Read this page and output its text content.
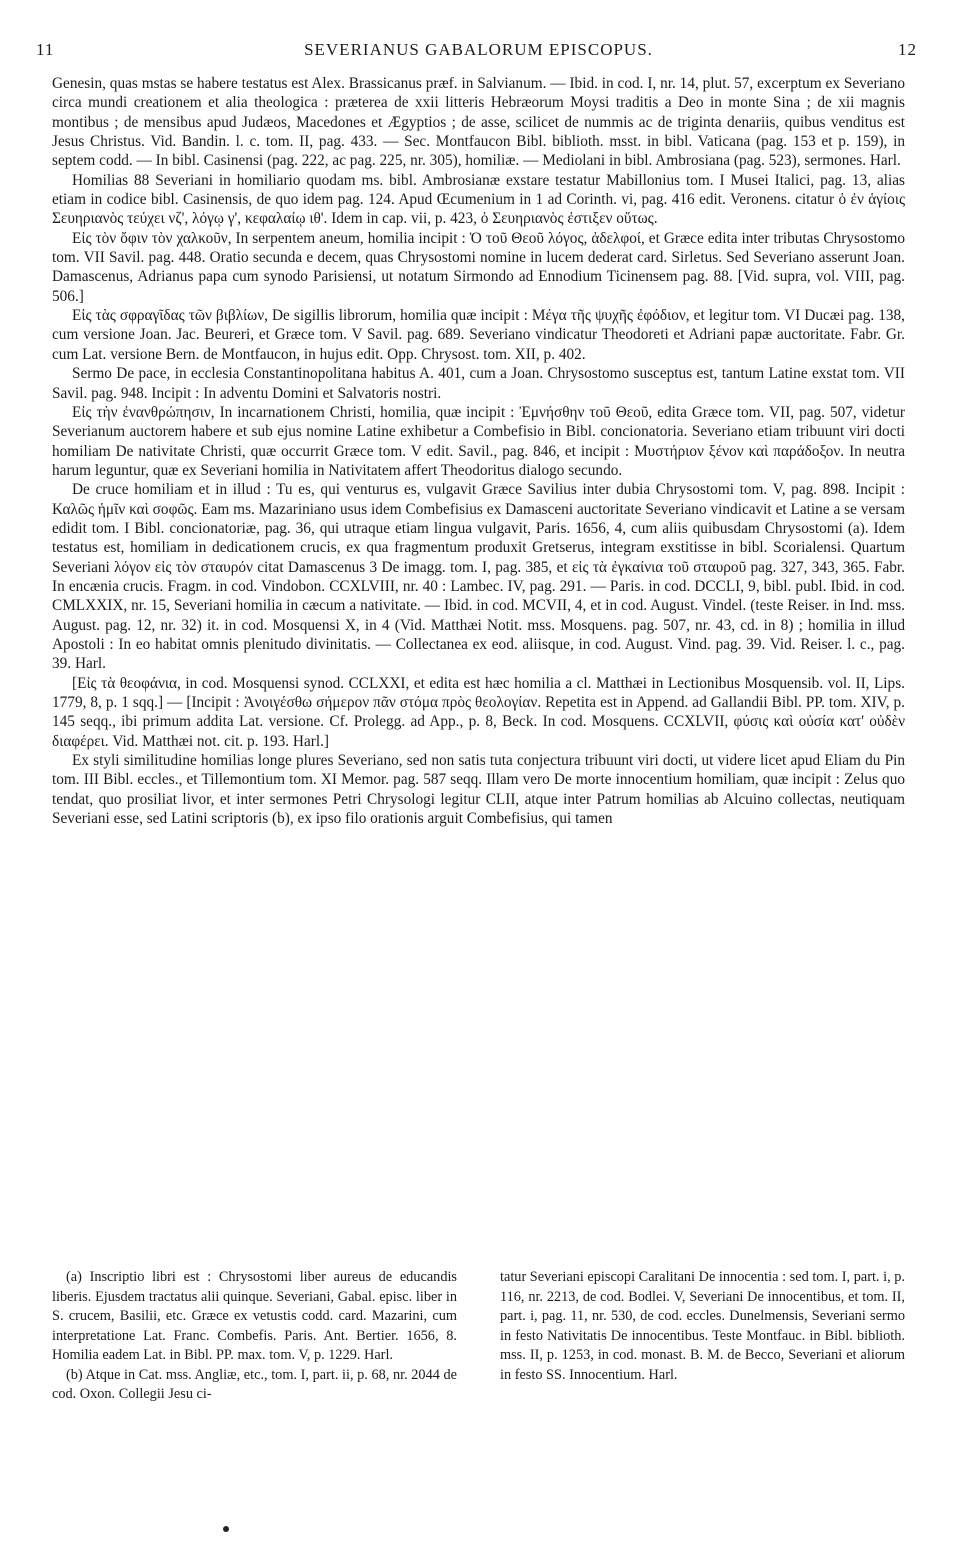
11	SEVERIANUS GABALORUM EPISCOPUS.	12

Genesin, quas mstas se habere testatus est Alex. Brassicanus præf. in Salvianum. — Ibid. in cod. I, nr. 14, plut. 57, excerptum ex Severiano circa mundi creationem et alia theologica : præterea de xxii litteris Hebræorum Moysi traditis a Deo in monte Sina ; de xii magnis montibus ; de mensibus apud Judæos, Macedones et Ægyptios ; de asse, scilicet de nummis ac de triginta denariis, quibus venditus est Jesus Christus. Vid. Bandin. l. c. tom. II, pag. 433. — Sec. Montfaucon Bibl. biblioth. msst. in bibl. Vaticana (pag. 153 et p. 159), in septem codd. — In bibl. Casinensi (pag. 222, ac pag. 225, nr. 305), homiliæ. — Mediolani in bibl. Ambrosiana (pag. 523), sermones. Harl.

Homilias 88 Severiani in homiliario quodam ms. bibl. Ambrosianæ exstare testatur Mabillonius tom. I Musei Italici, pag. 13, alias etiam in codice bibl. Casinensis, de quo idem pag. 124. Apud Œcumenium in 1 ad Corinth. vi, pag. 416 edit. Veronens. citatur ὁ ἐν ἁγίοις Σευηριανὸς τεύχει νζ', λόγῳ γ', κεφαλαίῳ ιθ'. Idem in cap. vii, p. 423, ὁ Σευηριανὸς ἐστιξεν οὕτως.

Εἰς τὸν ὄφιν τὸν χαλκοῦν, In serpentem aneum, homilia incipit : Ὁ τοῦ Θεοῦ λόγος, ἀδελφοί, et Græce edita inter tributas Chrysostomo tom. VII Savil. pag. 448. Oratio secunda e decem, quas Chrysostomi nomine in lucem dederat card. Sirletus. Sed Severiano asserunt Joan. Damascenus, Adrianus papa cum synodo Parisiensi, ut notatum Sirmondo ad Ennodium Ticinensem pag. 88. [Vid. supra, vol. VIII, pag. 506.]

Εἰς τὰς σφραγῖδας τῶν βιβλίων, De sigillis librorum, homilia quæ incipit : Μέγα τῆς ψυχῆς ἐφόδιον, et legitur tom. VI Ducæi pag. 138, cum versione Joan. Jac. Beureri, et Græce tom. V Savil. pag. 689. Severiano vindicatur Theodoreti et Adriani papæ auctoritate. Fabr. Gr. cum Lat. versione Bern. de Montfaucon, in hujus edit. Opp. Chrysost. tom. XII, p. 402.

Sermo De pace, in ecclesia Constantinopolitana habitus A. 401, cum a Joan. Chrysostomo susceptus est, tantum Latine exstat tom. VII Savil. pag. 948. Incipit : In adventu Domini et Salvatoris nostri.

Εἰς τὴν ἐνανθρώπησιν, In incarnationem Christi, homilia, quæ incipit : Ἐμνήσθην τοῦ Θεοῦ, edita Græce tom. VII, pag. 507, videtur Severianum auctorem habere et sub ejus nomine Latine exhibetur a Combefisio in Bibl. concionatoria. Severiano etiam tribuunt viri docti homiliam De nativitate Christi, quæ occurrit Græce tom. V edit. Savil., pag. 846, et incipit : Μυστήριον ξένον καὶ παράδοξον. In neutra harum leguntur, quæ ex Severiani homilia in Nativitatem affert Theodoritus dialogo secundo.

De cruce homiliam et in illud : Tu es, qui venturus es, vulgavit Græce Savilius inter dubia Chrysostomi tom. V, pag. 898. Incipit : Καλῶς ἡμῖν καὶ σοφῶς. Eam ms. Mazariniano usus idem Combefisius ex Damasceni auctoritate Severiano vindicavit et Latine a se versam edidit tom. I Bibl. concionatoriæ, pag. 36, qui utraque etiam lingua vulgavit, Paris. 1656, 4, cum aliis quibusdam Chrysostomi (a). Idem testatus est, homiliam in dedicationem crucis, ex qua fragmentum produxit Gretserus, integram exstitisse in bibl. Scorialensi. Quartum Severiani λόγον εἰς τὸν σταυρόν citat Damascenus 3 De imagg. tom. I, pag. 385, et εἰς τὰ ἐγκαίνια τοῦ σταυροῦ pag. 327, 343, 365. Fabr. In encænia crucis. Fragm. in cod. Vindobon. CCXLVIII, nr. 40 : Lambec. IV, pag. 291. — Paris. in cod. DCCLI, 9, bibl. publ. Ibid. in cod. CMLXXIX, nr. 15, Severiani homilia in cæcum a nativitate. — Ibid. in cod. MCVII, 4, et in cod. August. Vindel. (teste Reiser. in Ind. mss. August. pag. 12, nr. 32) it. in cod. Mosquensi X, in 4 (Vid. Matthæi Notit. mss. Mosquens. pag. 507, nr. 43, cd. in 8) ; homilia in illud Apostoli : In eo habitat omnis plenitudo divinitatis. — Collectanea ex eod. aliisque, in cod. August. Vind. pag. 39. Vid. Reiser. l. c., pag. 39. Harl.

[Εἰς τὰ θεοφάνια, in cod. Mosquensi synod. CCLXXI, et edita est hæc homilia a cl. Matthæi in Lectionibus Mosquensib. vol. II, Lips. 1779, 8, p. 1 sqq.] — [Incipit : Ἀνοιγέσθω σήμερον πᾶν στόμα πρὸς θεολογίαν. Repetita est in Append. ad Gallandii Bibl. PP. tom. XIV, p. 145 seqq., ibi primum addita Lat. versione. Cf. Prolegg. ad App., p. 8, Beck. In cod. Mosquens. CCXLVII, φύσις καὶ οὐσία κατ' οὐδὲν διαφέρει. Vid. Matthæi not. cit. p. 193. Harl.]

Ex styli similitudine homilias longe plures Severiano, sed non satis tuta conjectura tribuunt viri docti, ut videre licet apud Eliam du Pin tom. III Bibl. eccles., et Tillemontium tom. XI Memor. pag. 587 seqq. Illam vero De morte innocentium homiliam, quæ incipit : Zelus quo tendat, quo prosiliat livor, et inter sermones Petri Chrysologi legitur CLII, atque inter Patrum homilias ab Alcuino collectas, neutiquam Severiani esse, sed Latini scriptoris (b), ex ipso filo orationis arguit Combefisius, qui tamen

(a) Inscriptio libri est : Chrysostomi liber aureus de educandis liberis. Ejusdem tractatus alii quinque. Severiani, Gabal. episc. liber in S. crucem, Basilii, etc. Græce ex vetustis codd. card. Mazarini, cum interpretatione Lat. Franc. Combefis. Paris. Ant. Bertier. 1656, 8. Homilia eadem Lat. in Bibl. PP. max. tom. V, p. 1229. Harl.

(b) Atque in Cat. mss. Angliæ, etc., tom. I, part. ii, p. 68, nr. 2044 de cod. Oxon. Collegii Jesu ci-

tatur Severiani episcopi Caralitani De innocentia : sed tom. I, part. i, p. 116, nr. 2213, de cod. Bodlei. V, Severiani De innocentibus, et tom. II, part. i, pag. 11, nr. 530, de cod. eccles. Dunelmensis, Severiani sermo in festo Nativitatis De innocentibus. Teste Montfauc. in Bibl. biblioth. mss. II, p. 1253, in cod. monast. B. M. de Becco, Severiani et aliorum in festo SS. Innocentium. Harl.
